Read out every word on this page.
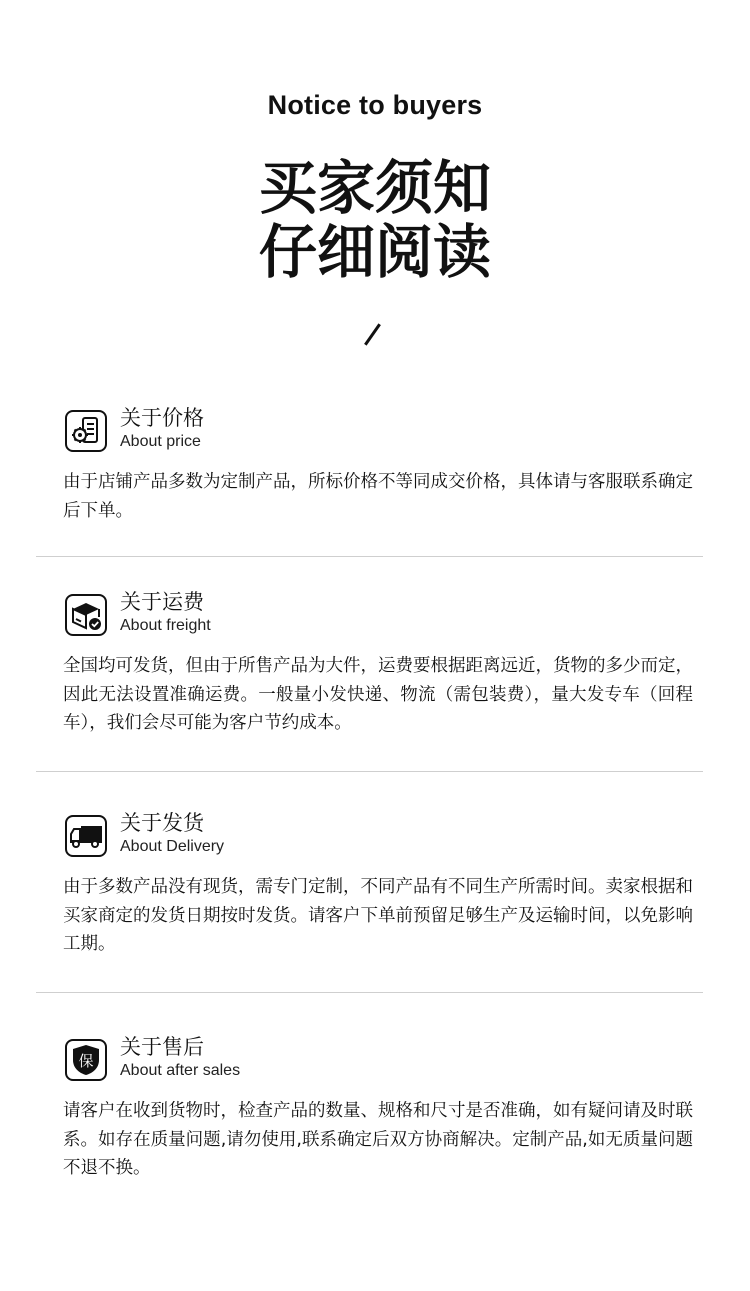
Notice to buyers
买家须知
仔细阅读
关于价格
About price
由于店铺产品多数为定制产品，所标价格不等同成交价格，具体请与客服联系确定后下单。
关于运费
About freight
全国均可发货，但由于所售产品为大件，运费要根据距离远近，货物的多少而定，因此无法设置准确运费。一般量小发快递、物流（需包装费），量大发专车（回程车），我们会尽可能为客户节约成本。
关于发货
About Delivery
由于多数产品没有现货，需专门定制，不同产品有不同生产所需时间。卖家根据和买家商定的发货日期按时发货。请客户下单前预留足够生产及运输时间，以免影响工期。
保
关于售后
About after sales
请客户在收到货物时，检查产品的数量、规格和尺寸是否准确，如有疑问请及时联系。如存在质量问题,请勿使用,联系确定后双方协商解决。定制产品,如无质量问题不退不换。
